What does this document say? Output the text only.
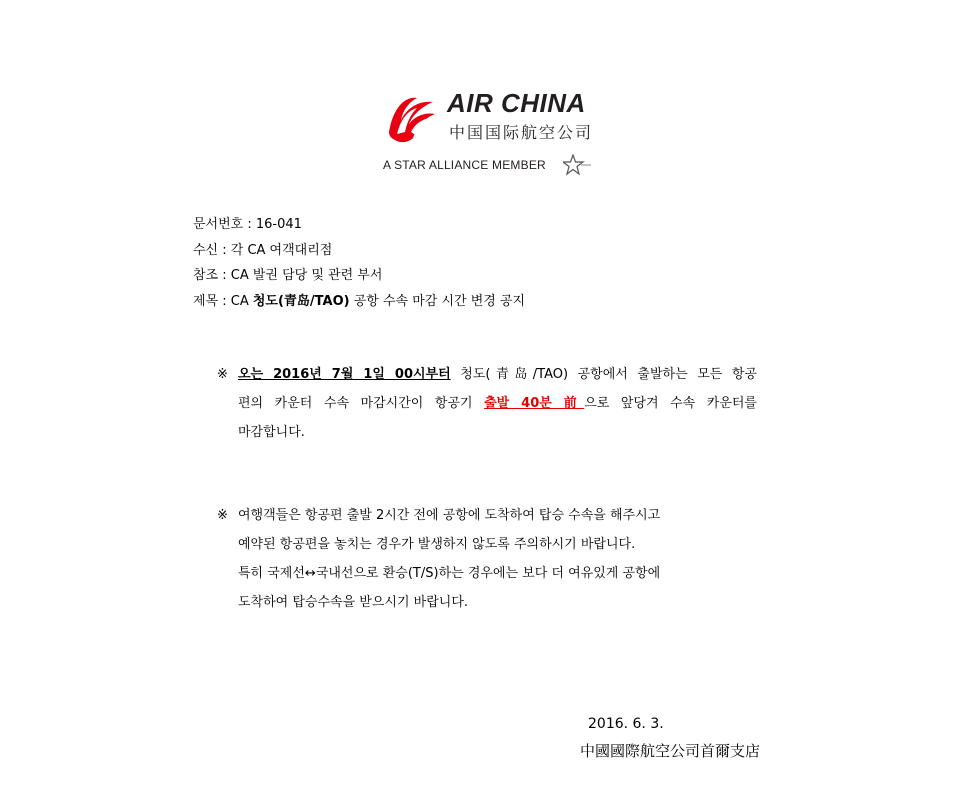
AIR CHINA
中国国际航空公司
A STAR ALLIANCE MEMBER
문서번호 : 16-041
수신 : 각 CA 여객대리점
참조 : CA 발권 담당 및 관련 부서
제목 : CA 청도(青岛/TAO) 공항 수속 마감 시간 변경 공지
※ 오는 2016년 7월 1일 00시부터 청도(青岛/TAO) 공항에서 출발하는 모든 항공
편의 카운터 수속 마감시간이 항공기 출발 40분 前으로 앞당겨 수속 카운터를
마감합니다.
※ 여행객들은 항공편 출발 2시간 전에 공항에 도착하여 탑승 수속을 해주시고
예약된 항공편을 놓치는 경우가 발생하지 않도록 주의하시기 바랍니다.
특히 국제선↔국내선으로 환승(T/S)하는 경우에는 보다 더 여유있게 공항에
도착하여 탑승수속을 받으시기 바랍니다.
2016. 6. 3.
中國國際航空公司首爾支店
